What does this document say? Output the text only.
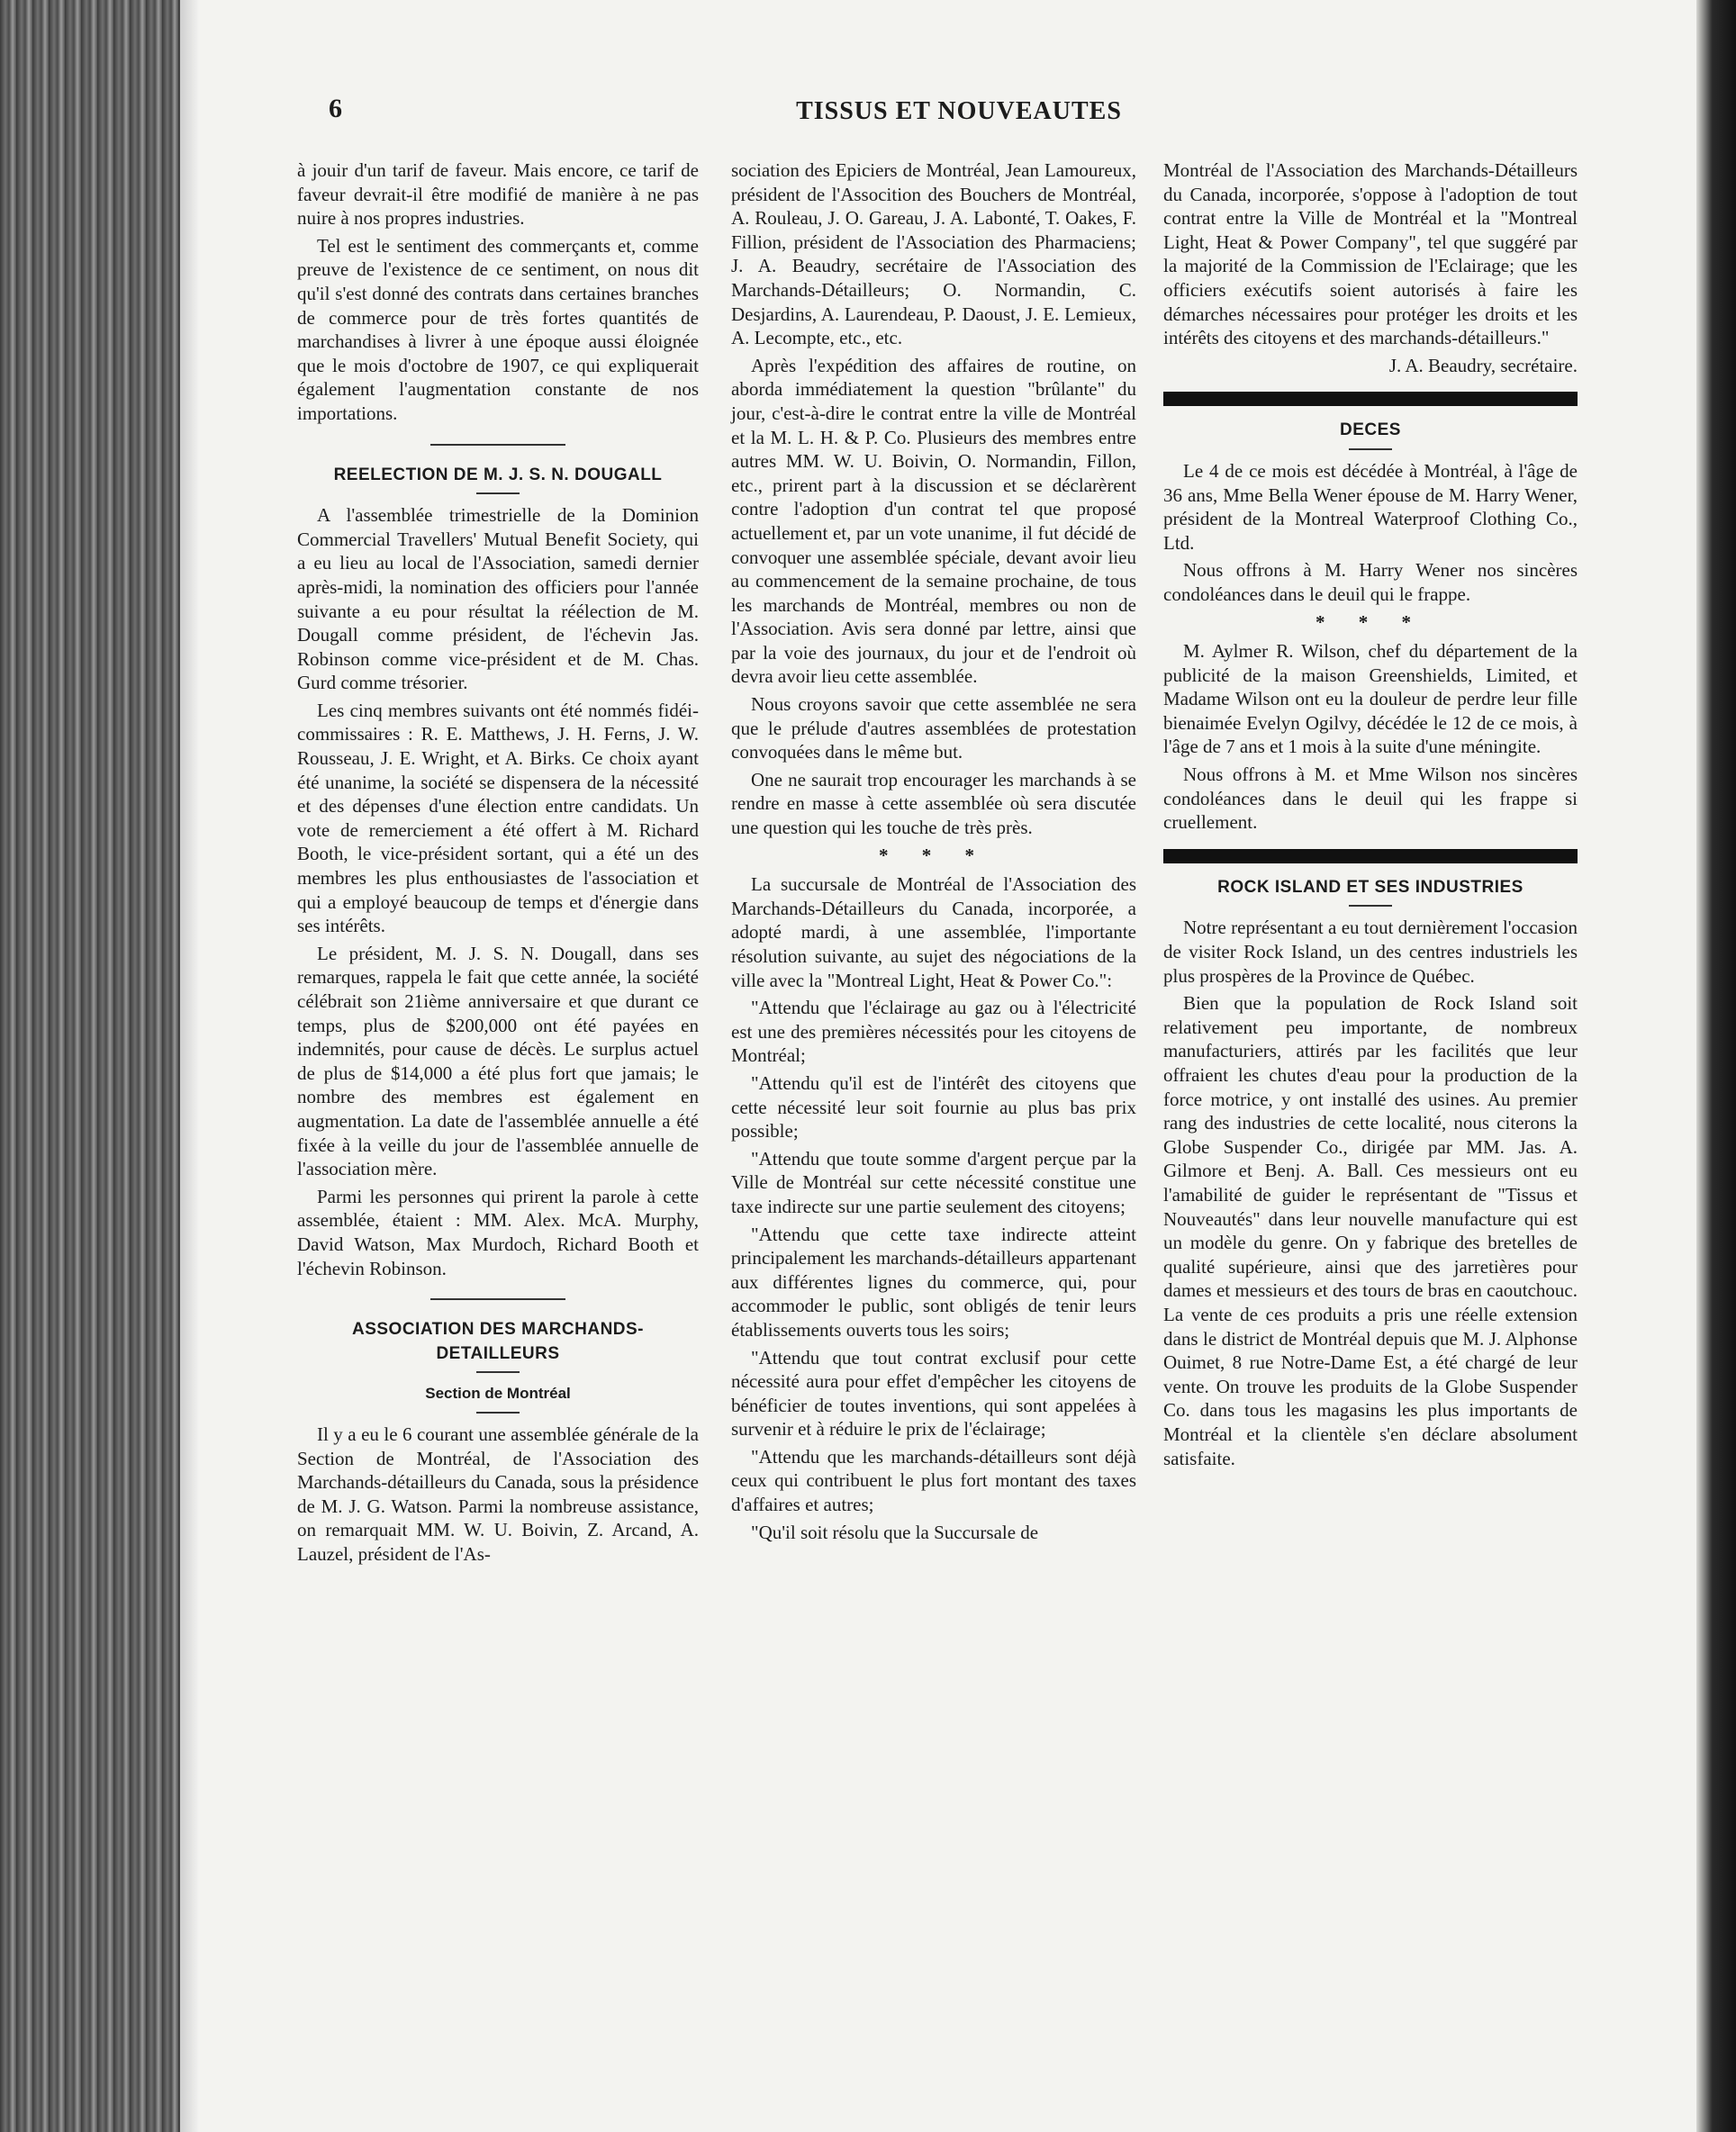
6	TISSUS ET NOUVEAUTES

à jouir d'un tarif de faveur. Mais encore, ce tarif de faveur devrait-il être modifié de manière à ne pas nuire à nos propres industries.

Tel est le sentiment des commerçants et, comme preuve de l'existence de ce sentiment, on nous dit qu'il s'est donné des contrats dans certaines branches de commerce pour de très fortes quantités de marchandises à livrer à une époque aussi éloignée que le mois d'octobre de 1907, ce qui expliquerait également l'augmentation constante de nos importations.

REELECTION DE M. J. S. N. DOUGALL

A l'assemblée trimestrielle de la Dominion Commercial Travellers' Mutual Benefit Society, qui a eu lieu au local de l'Association, samedi dernier après-midi, la nomination des officiers pour l'année suivante a eu pour résultat la réélection de M. Dougall comme président, de l'échevin Jas. Robinson comme vice-président et de M. Chas. Gurd comme trésorier.

Les cinq membres suivants ont été nommés fidéi-commissaires : R. E. Matthews, J. H. Ferns, J. W. Rousseau, J. E. Wright, et A. Birks. Ce choix ayant été unanime, la société se dispensera de la nécessité et des dépenses d'une élection entre candidats. Un vote de remerciement a été offert à M. Richard Booth, le vice-président sortant, qui a été un des membres les plus enthousiastes de l'association et qui a employé beaucoup de temps et d'énergie dans ses intérêts.

Le président, M. J. S. N. Dougall, dans ses remarques, rappela le fait que cette année, la société célébrait son 21ième anniversaire et que durant ce temps, plus de $200,000 ont été payées en indemnités, pour cause de décès. Le surplus actuel de plus de $14,000 a été plus fort que jamais; le nombre des membres est également en augmentation. La date de l'assemblée annuelle a été fixée à la veille du jour de l'assemblée annuelle de l'association mère.

Parmi les personnes qui prirent la parole à cette assemblée, étaient : MM. Alex. McA. Murphy, David Watson, Max Murdoch, Richard Booth et l'échevin Robinson.

ASSOCIATION DES MARCHANDS-DETAILLEURS
Section de Montréal

Il y a eu le 6 courant une assemblée générale de la Section de Montréal, de l'Association des Marchands-détailleurs du Canada, sous la présidence de M. J. G. Watson. Parmi la nombreuse assistance, on remarquait MM. W. U. Boivin, Z. Arcand, A. Lauzel, président de l'As-

sociation des Epiciers de Montréal, Jean Lamoureux, président de l'Assocition des Bouchers de Montréal, A. Rouleau, J. O. Gareau, J. A. Labonté, T. Oakes, F. Fillion, président de l'Association des Pharmaciens; J. A. Beaudry, secrétaire de l'Association des Marchands-Détailleurs; O. Normandin, C. Desjardins, A. Laurendeau, P. Daoust, J. E. Lemieux, A. Lecompte, etc., etc.

Après l'expédition des affaires de routine, on aborda immédiatement la question "brûlante" du jour, c'est-à-dire le contrat entre la ville de Montréal et la M. L. H. & P. Co. Plusieurs des membres entre autres MM. W. U. Boivin, O. Normandin, Fillon, etc., prirent part à la discussion et se déclarèrent contre l'adoption d'un contrat tel que proposé actuellement et, par un vote unanime, il fut décidé de convoquer une assemblée spéciale, devant avoir lieu au commencement de la semaine prochaine, de tous les marchands de Montréal, membres ou non de l'Association. Avis sera donné par lettre, ainsi que par la voie des journaux, du jour et de l'endroit où devra avoir lieu cette assemblée.

Nous croyons savoir que cette assemblée ne sera que le prélude d'autres assemblées de protestation convoquées dans le même but.

One ne saurait trop encourager les marchands à se rendre en masse à cette assemblée où sera discutée une question qui les touche de très près.

* * *

La succursale de Montréal de l'Association des Marchands-Détailleurs du Canada, incorporée, a adopté mardi, à une assemblée, l'importante résolution suivante, au sujet des négociations de la ville avec la "Montreal Light, Heat & Power Co.":

"Attendu que l'éclairage au gaz ou à l'électricité est une des premières nécessités pour les citoyens de Montréal;

"Attendu qu'il est de l'intérêt des citoyens que cette nécessité leur soit fournie au plus bas prix possible;

"Attendu que toute somme d'argent perçue par la Ville de Montréal sur cette nécessité constitue une taxe indirecte sur une partie seulement des citoyens;

"Attendu que cette taxe indirecte atteint principalement les marchands-détailleurs appartenant aux différentes lignes du commerce, qui, pour accommoder le public, sont obligés de tenir leurs établissements ouverts tous les soirs;

"Attendu que tout contrat exclusif pour cette nécessité aura pour effet d'empêcher les citoyens de bénéficier de toutes inventions, qui sont appelées à survenir et à réduire le prix de l'éclairage;

"Attendu que les marchands-détailleurs sont déjà ceux qui contribuent le plus fort montant des taxes d'affaires et autres;

"Qu'il soit résolu que la Succursale de

Montréal de l'Association des Marchands-Détailleurs du Canada, incorporée, s'oppose à l'adoption de tout contrat entre la Ville de Montréal et la "Montreal Light, Heat & Power Company", tel que suggéré par la majorité de la Commission de l'Eclairage; que les officiers exécutifs soient autorisés à faire les démarches nécessaires pour protéger les droits et les intérêts des citoyens et des marchands-détailleurs."

J. A. Beaudry, secrétaire.

DECES

Le 4 de ce mois est décédée à Montréal, à l'âge de 36 ans, Mme Bella Wener épouse de M. Harry Wener, président de la Montreal Waterproof Clothing Co., Ltd.

Nous offrons à M. Harry Wener nos sincères condoléances dans le deuil qui le frappe.

* * *

M. Aylmer R. Wilson, chef du département de la publicité de la maison Greenshields, Limited, et Madame Wilson ont eu la douleur de perdre leur fille bienaimée Evelyn Ogilvy, décédée le 12 de ce mois, à l'âge de 7 ans et 1 mois à la suite d'une méningite.

Nous offrons à M. et Mme Wilson nos sincères condoléances dans le deuil qui les frappe si cruellement.

ROCK ISLAND ET SES INDUSTRIES

Notre représentant a eu tout dernièrement l'occasion de visiter Rock Island, un des centres industriels les plus prospères de la Province de Québec.

Bien que la population de Rock Island soit relativement peu importante, de nombreux manufacturiers, attirés par les facilités que leur offraient les chutes d'eau pour la production de la force motrice, y ont installé des usines. Au premier rang des industries de cette localité, nous citerons la Globe Suspender Co., dirigée par MM. Jas. A. Gilmore et Benj. A. Ball. Ces messieurs ont eu l'amabilité de guider le représentant de "Tissus et Nouveautés" dans leur nouvelle manufacture qui est un modèle du genre. On y fabrique des bretelles de qualité supérieure, ainsi que des jarretières pour dames et messieurs et des tours de bras en caoutchouc. La vente de ces produits a pris une réelle extension dans le district de Montréal depuis que M. J. Alphonse Ouimet, 8 rue Notre-Dame Est, a été chargé de leur vente. On trouve les produits de la Globe Suspender Co. dans tous les magasins les plus importants de Montréal et la clientèle s'en déclare absolument satisfaite.
